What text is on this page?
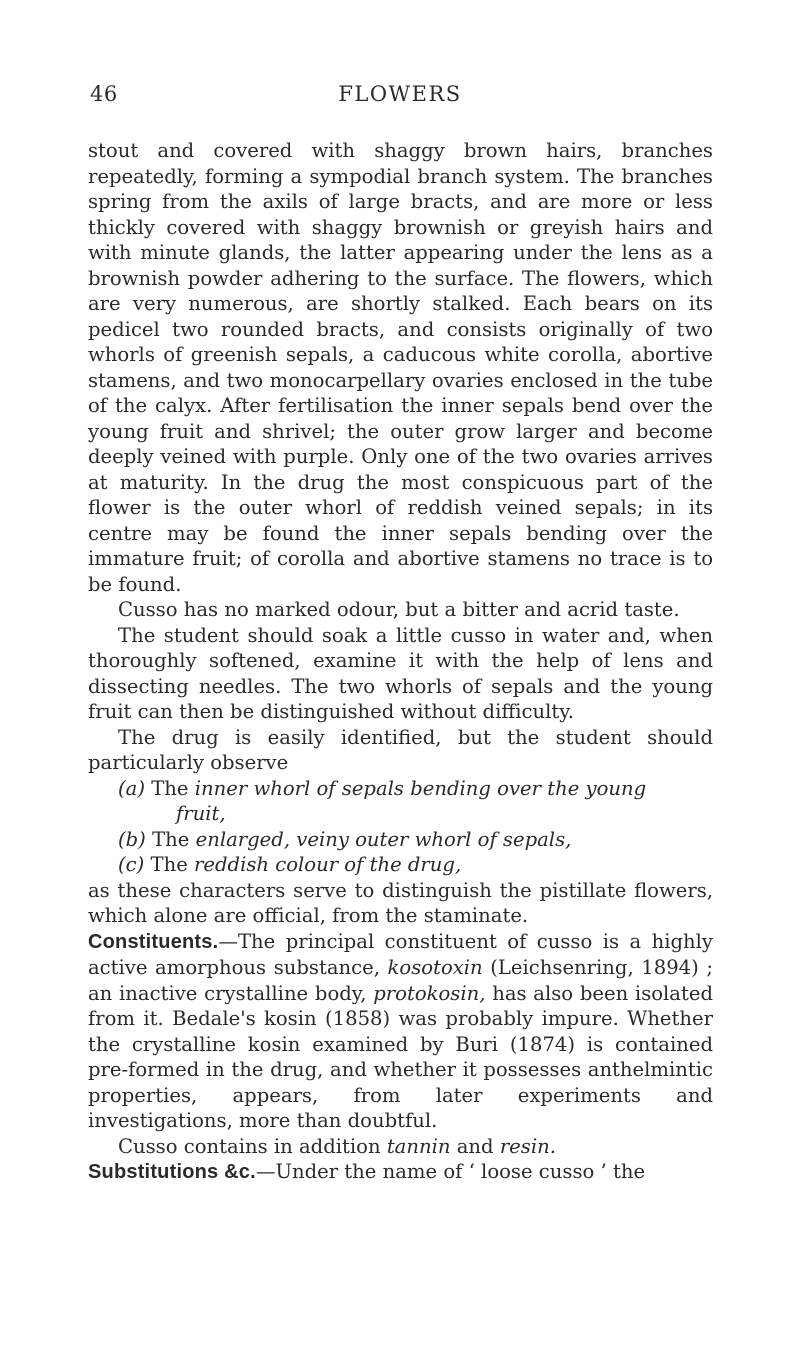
46	FLOWERS

stout and covered with shaggy brown hairs, branches repeatedly, forming a sympodial branch system. The branches spring from the axils of large bracts, and are more or less thickly covered with shaggy brownish or greyish hairs and with minute glands, the latter appearing under the lens as a brownish powder adhering to the surface. The flowers, which are very numerous, are shortly stalked. Each bears on its pedicel two rounded bracts, and consists originally of two whorls of greenish sepals, a caducous white corolla, abortive stamens, and two monocarpellary ovaries enclosed in the tube of the calyx. After fertilisation the inner sepals bend over the young fruit and shrivel; the outer grow larger and become deeply veined with purple. Only one of the two ovaries arrives at maturity. In the drug the most conspicuous part of the flower is the outer whorl of reddish veined sepals; in its centre may be found the inner sepals bending over the immature fruit; of corolla and abortive stamens no trace is to be found.

Cusso has no marked odour, but a bitter and acrid taste.

The student should soak a little cusso in water and, when thoroughly softened, examine it with the help of lens and dissecting needles. The two whorls of sepals and the young fruit can then be distinguished without difficulty.

The drug is easily identified, but the student should particularly observe

(a) The inner whorl of sepals bending over the young
fruit,
(b) The enlarged, veiny outer whorl of sepals,
(c) The reddish colour of the drug,

as these characters serve to distinguish the pistillate flowers, which alone are official, from the staminate.

Constituents.—The principal constituent of cusso is a highly active amorphous substance, kosotoxin (Leichsenring, 1894) ; an inactive crystalline body, protokosin, has also been isolated from it. Bedale's kosin (1858) was probably impure. Whether the crystalline kosin examined by Buri (1874) is contained pre-formed in the drug, and whether it possesses anthelmintic properties, appears, from later experiments and investigations, more than doubtful.

Cusso contains in addition tannin and resin.

Substitutions &c.—Under the name of ‘ loose cusso ’ the
